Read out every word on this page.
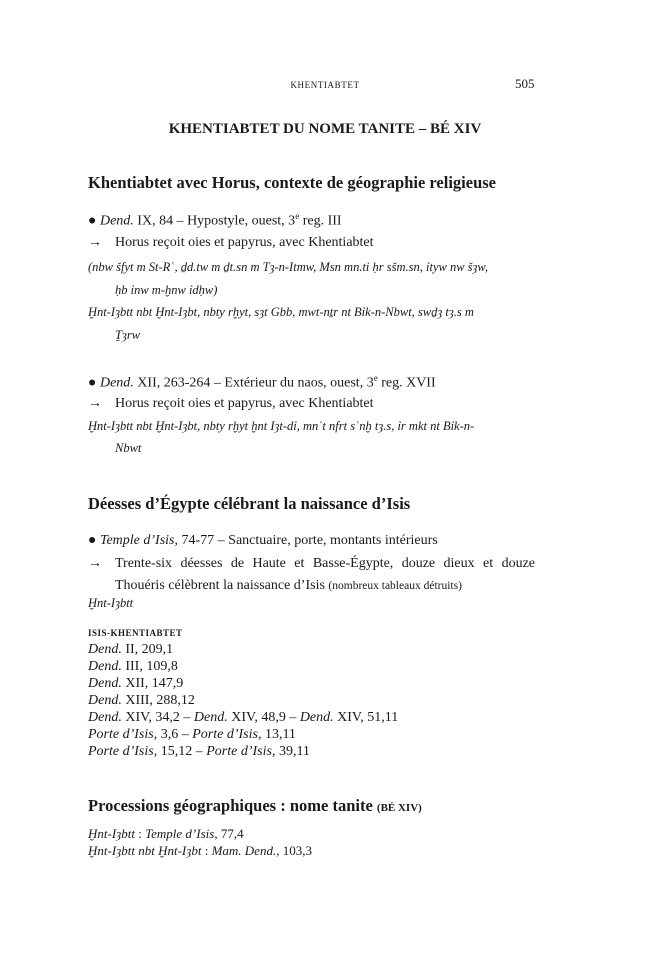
KHENTIABTET	505
KHENTIABTET DU NOME TANITE – BÉ XIV
Khentiabtet avec Horus, contexte de géographie religieuse
● Dend. IX, 84 – Hypostyle, ouest, 3e reg. III
→ Horus reçoit oies et papyrus, avec Khentiabtet
(nbw šfyt m St-Rʿ, ḏd.tw m ḏt.sn m Tȝ-n-Itmw, Msn mn.ti ḥr sšm.sn, ỉtyw nw šȝw,
ḥb ỉnw m-ḫnw ỉdḥw)
Ḫnt-Iȝbtt nbt Ḫnt-Iȝbt, nbty rḫyt, sȝt Gbb, mwt-nṯr nt Bỉk-n-Nbwt, swḏȝ tȝ.s m
Ṯȝrw
● Dend. XII, 263-264 – Extérieur du naos, ouest, 3e reg. XVII
→ Horus reçoit oies et papyrus, avec Khentiabtet
Ḫnt-Iȝbtt nbt Ḫnt-Iȝbt, nbty rḫyt ḫnt Iȝt-dỉ, mnʿt nfrt sʿnḫ tȝ.s, ỉr mkt nt Bỉk-n-
Nbwt
Déesses d’Égypte célébrant la naissance d’Isis
● Temple d’Isis, 74-77 – Sanctuaire, porte, montants intérieurs
→ Trente-six déesses de Haute et Basse-Égypte, douze dieux et douze
Thouéris célèbrent la naissance d’Isis (nombreux tableaux détruits)
Ḫnt-Iȝbtt
ISIS-KHENTIABTET
Dend. II, 209,1
Dend. III, 109,8
Dend. XII, 147,9
Dend. XIII, 288,12
Dend. XIV, 34,2 – Dend. XIV, 48,9 – Dend. XIV, 51,11
Porte d’Isis, 3,6 – Porte d’Isis, 13,11
Porte d’Isis, 15,12 – Porte d’Isis, 39,11
Processions géographiques : nome tanite (BÉ XIV)
Ḫnt-Iȝbtt : Temple d’Isis, 77,4
Ḫnt-Iȝbtt nbt Ḫnt-Iȝbt : Mam. Dend., 103,3
